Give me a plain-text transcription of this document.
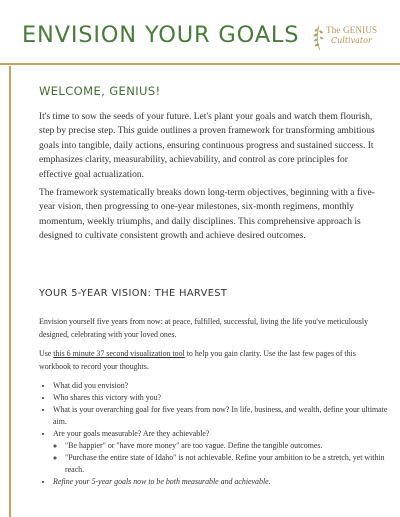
ENVISION YOUR GOALS	The GENIUS
Cultivator
WELCOME, GENIUS!

It's time to sow the seeds of your future. Let's plant your goals and watch them flourish, step by precise step. This guide outlines a proven framework for transforming ambitious goals into tangible, daily actions, ensuring continuous progress and sustained success. It emphasizes clarity, measurability, achievability, and control as core principles for effective goal actualization.

The framework systematically breaks down long-term objectives, beginning with a five-year vision, then progressing to one-year milestones, six-month regimens, monthly momentum, weekly triumphs, and daily disciplines. This comprehensive approach is designed to cultivate consistent growth and achieve desired outcomes.

YOUR 5-YEAR VISION: THE HARVEST

Envision yourself five years from now: at peace, fulfilled, successful, living the life you've meticulously designed, celebrating with your loved ones.

Use this 6 minute 37 second visualization tool to help you gain clarity. Use the last few pages of this workbook to record your thoughts.

• What did you envision?
• Who shares this victory with you?
• What is your overarching goal for five years from now? In life, business, and wealth, define your ultimate aim.
• Are your goals measurable? Are they achievable?
◦ "Be happier" or "have more money" are too vague. Define the tangible outcomes.
◦ "Purchase the entire state of Idaho" is not achievable. Refine your ambition to be a stretch, yet within reach.
• Refine your 5-year goals now to be both measurable and achievable.
